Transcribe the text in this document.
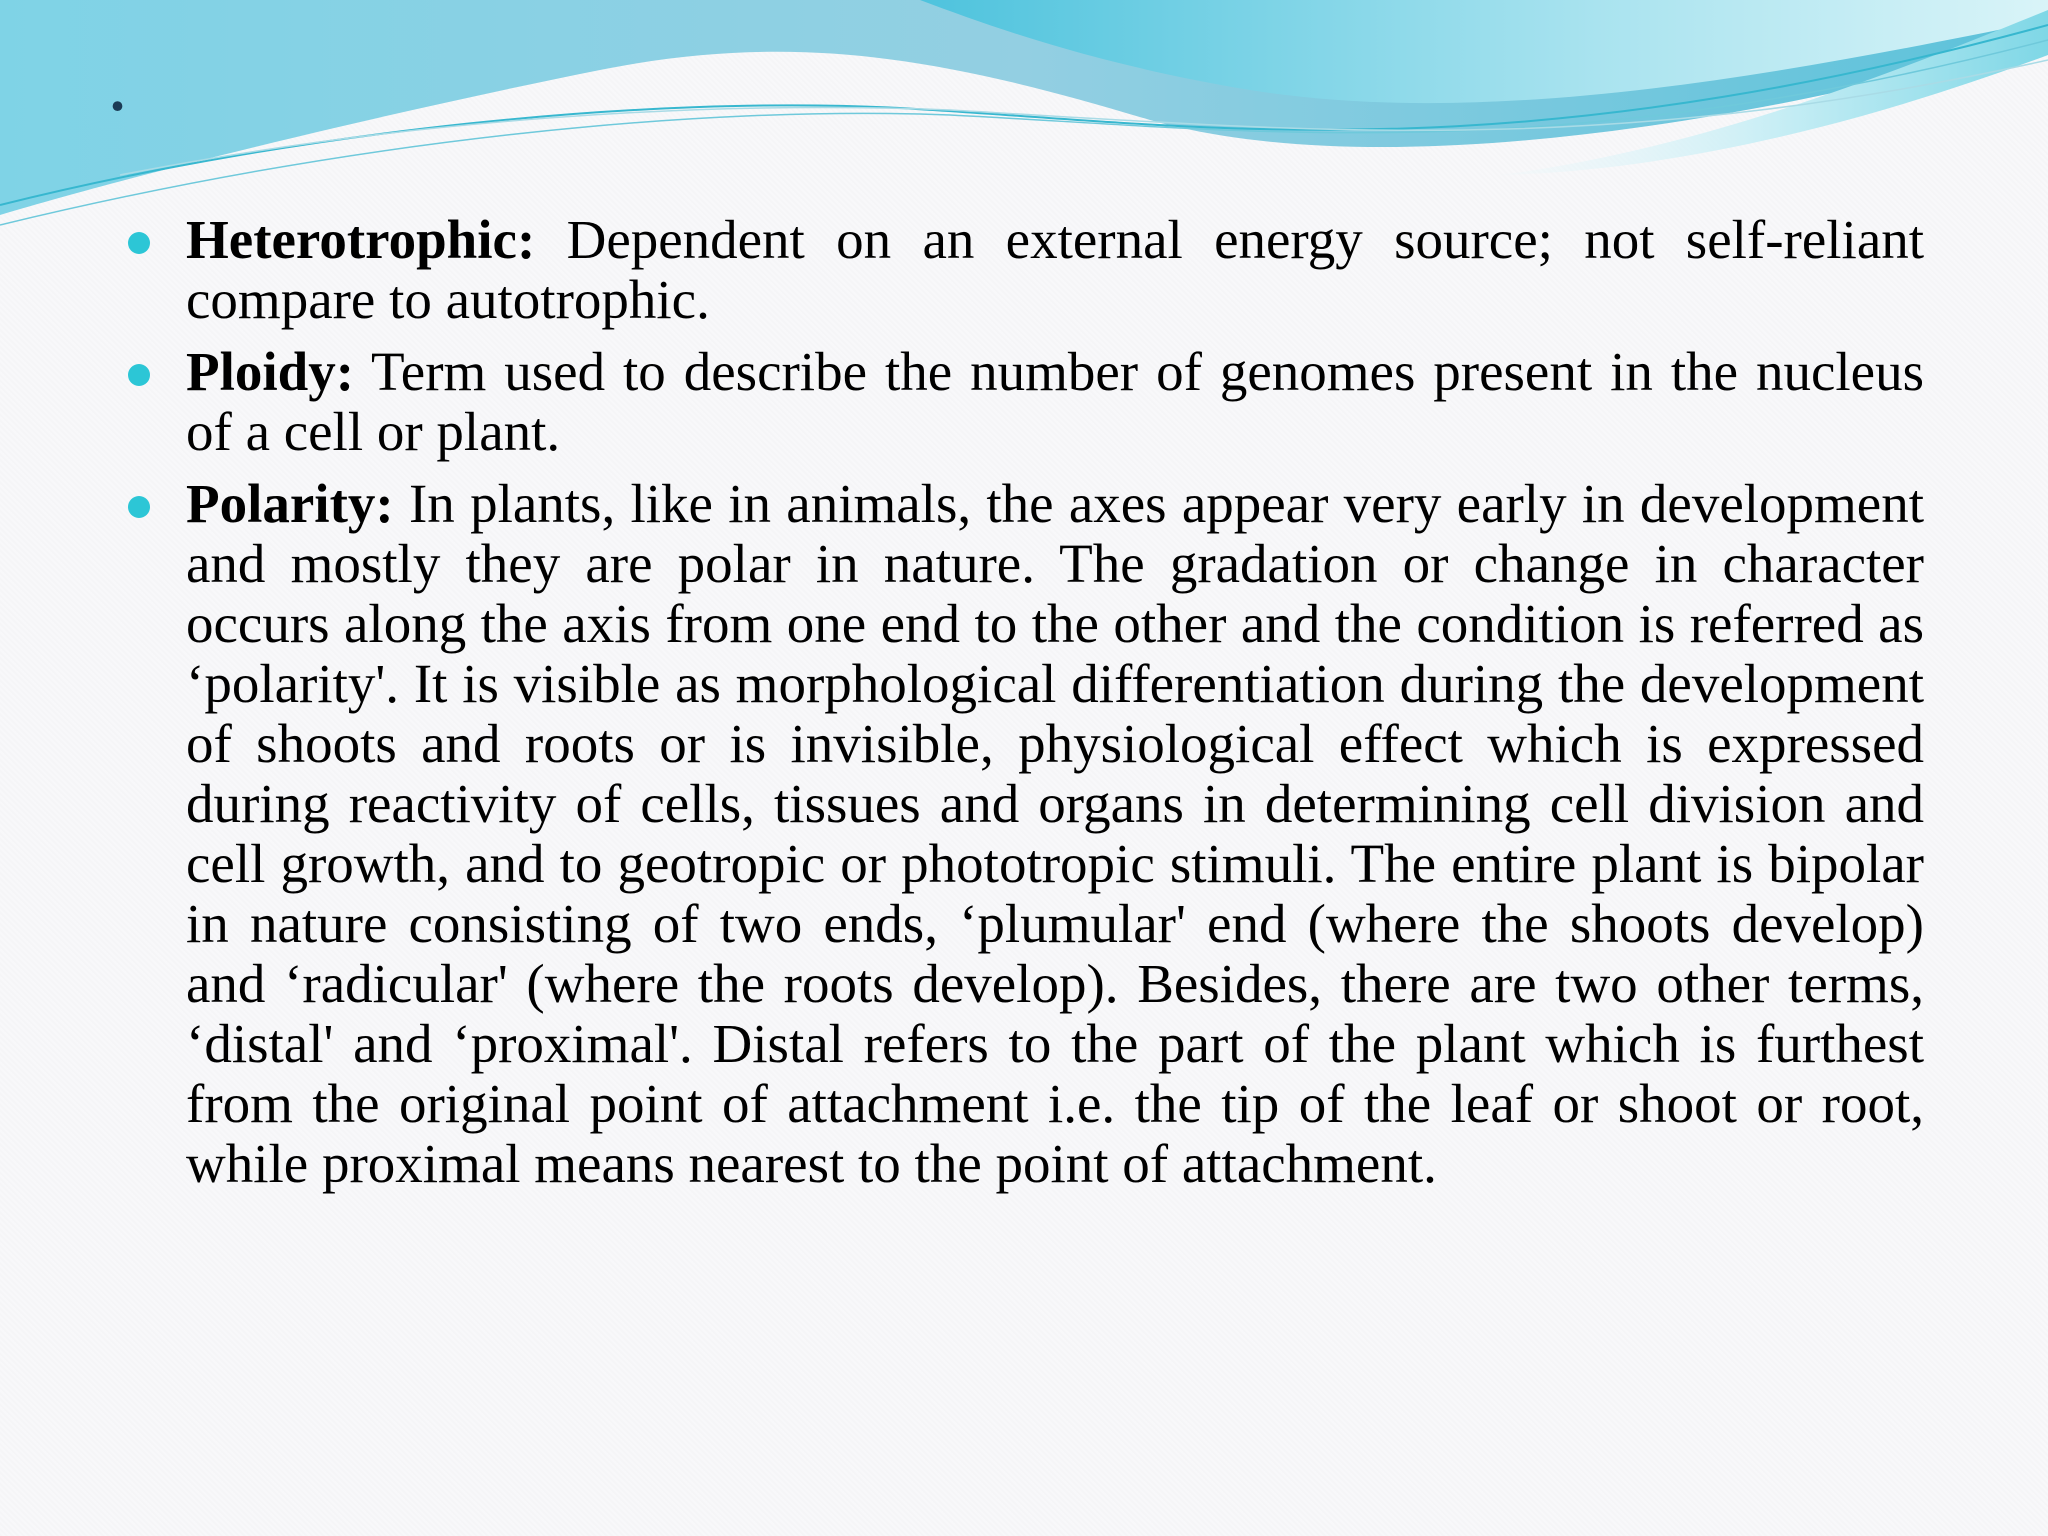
.
Heterotrophic: Dependent on an external energy source; not self-reliant compare to autotrophic.
Ploidy: Term used to describe the number of genomes present in the nucleus of a cell or plant.
Polarity: In plants, like in animals, the axes appear very early in development and mostly they are polar in nature. The gradation or change in character occurs along the axis from one end to the other and the condition is referred as ‘polarity'. It is visible as morphological differentiation during the development of shoots and roots or is invisible, physiological effect which is expressed during reactivity of cells, tissues and organs in determining cell division and cell growth, and to geotropic or phototropic stimuli. The entire plant is bipolar in nature consisting of two ends, ‘plumular' end (where the shoots develop) and ‘radicular' (where the roots develop). Besides, there are two other terms, ‘distal' and ‘proximal'. Distal refers to the part of the plant which is furthest from the original point of attachment i.e. the tip of the leaf or shoot or root, while proximal means nearest to the point of attachment.
